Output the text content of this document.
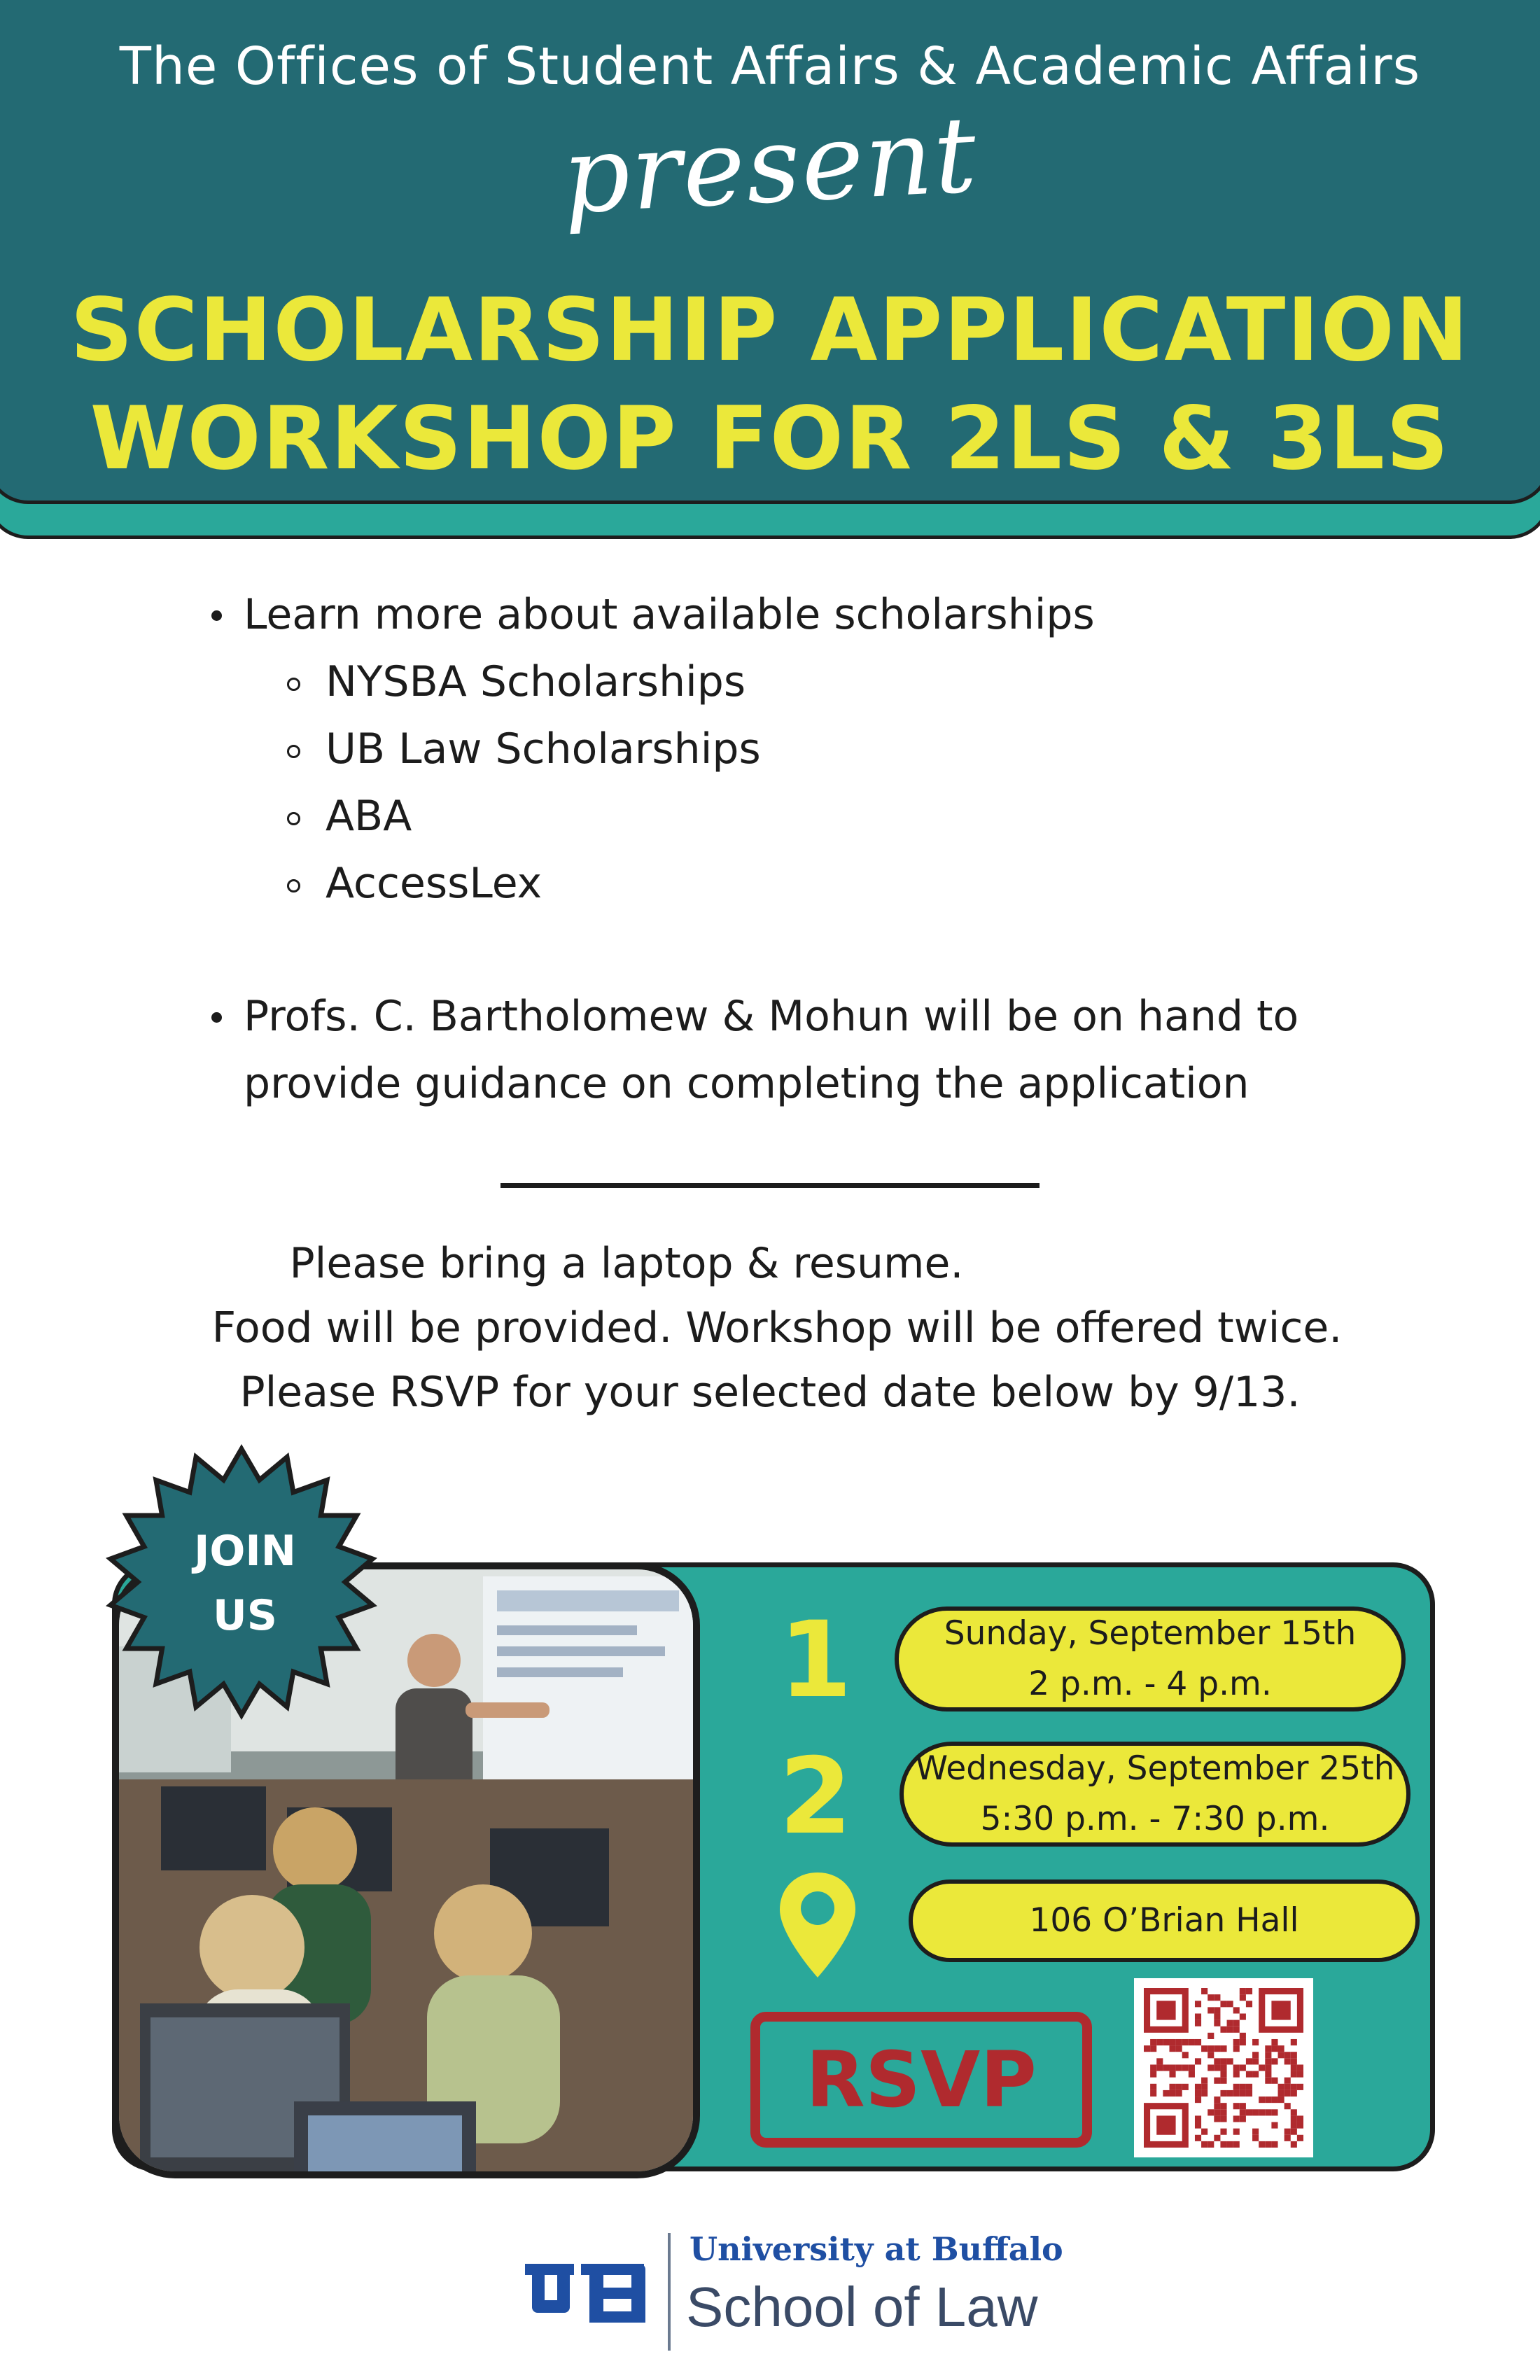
The Offices of Student Affairs & Academic Affairs
present
SCHOLARSHIP APPLICATION
WORKSHOP FOR 2LS & 3LS
Learn more about available scholarships
NYSBA Scholarships
UB Law Scholarships
ABA
AccessLex
Profs. C. Bartholomew & Mohun will be on hand to
provide guidance on completing the application
Please bring a laptop & resume.
Food will be provided. Workshop will be offered twice.
Please RSVP for your selected date below by 9/13.
JOIN
US	1	Sunday, September 15th
2 p.m. - 4 p.m.
2	Wednesday, September 25th
5:30 p.m. - 7:30 p.m.
106 O’Brian Hall
RSVP
University at Buffalo
School of Law
